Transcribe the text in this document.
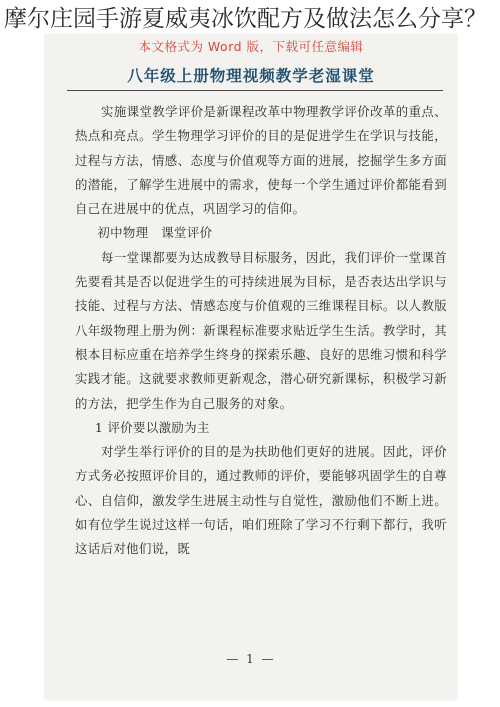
摩尔庄园手游夏威夷冰饮配方及做法怎么分享？
本文格式为 Word 版，下载可任意编辑
八年级上册物理视频教学老湿课堂

实施课堂教学评价是新课程改革中物理教学评价改革的重点、热点和亮点。学生物理学习评价的目的是促进学生在学识与技能，过程与方法，情感、态度与价值观等方面的进展，挖掘学生多方面的潜能，了解学生进展中的需求，使每一个学生通过评价都能看到自己在进展中的优点，巩固学习的信仰。

初中物理　课堂评价

每一堂课都要为达成教导目标服务，因此，我们评价一堂课首先要看其是否以促进学生的可持续进展为目标，是否表达出学识与技能、过程与方法、情感态度与价值观的三维课程目标。以人教版八年级物理上册为例：新课程标准要求贴近学生生活。教学时，其根本目标应重在培养学生终身的探索乐趣、良好的思维习惯和科学实践才能。这就要求教师更新观念，潜心研究新课标，积极学习新的方法，把学生作为自己服务的对象。

1 评价要以激励为主

对学生举行评价的目的是为扶助他们更好的进展。因此，评价方式务必按照评价目的，通过教师的评价，要能够巩固学生的自尊心、自信仰，激发学生进展主动性与自觉性，激励他们不断上进。如有位学生说过这样一句话，咱们班除了学习不行剩下都行，我听这话后对他们说，既

— 1 —
